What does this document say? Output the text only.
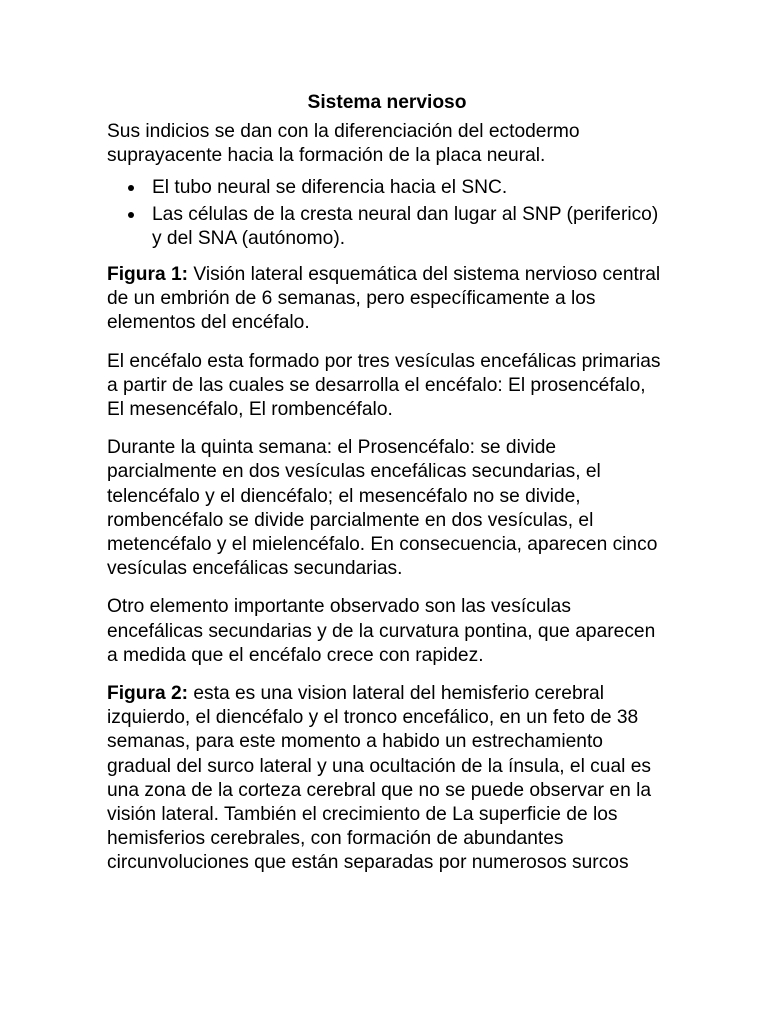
Sistema nervioso

Sus indicios se dan con la diferenciación del ectodermo suprayacente hacia la formación de la placa neural.

El tubo neural se diferencia hacia el SNC.
Las células de la cresta neural dan lugar al SNP (periferico) y del SNA (autónomo).

Figura 1: Visión lateral esquemática del sistema nervioso central de un embrión de 6 semanas, pero específicamente a los elementos del encéfalo.

El encéfalo esta formado por tres vesículas encefálicas primarias a partir de las cuales se desarrolla el encéfalo: El prosencéfalo, El mesencéfalo, El rombencéfalo.

Durante la quinta semana: el Prosencéfalo: se divide parcialmente en dos vesículas encefálicas secundarias, el telencéfalo y el diencéfalo; el mesencéfalo no se divide, rombencéfalo se divide parcialmente en dos vesículas, el metencéfalo y el mielencéfalo. En consecuencia, aparecen cinco vesículas encefálicas secundarias.

Otro elemento importante observado son las vesículas encefálicas secundarias y de la curvatura pontina, que aparecen a medida que el encéfalo crece con rapidez.

Figura 2: esta es una vision lateral del hemisferio cerebral izquierdo, el diencéfalo y el tronco encefálico, en un feto de 38 semanas, para este momento a habido un estrechamiento gradual del surco lateral y una ocultación de la ínsula, el cual es una zona de la corteza cerebral que no se puede observar en la visión lateral. También el crecimiento de La superficie de los hemisferios cerebrales, con formación de abundantes circunvoluciones que están separadas por numerosos surcos
